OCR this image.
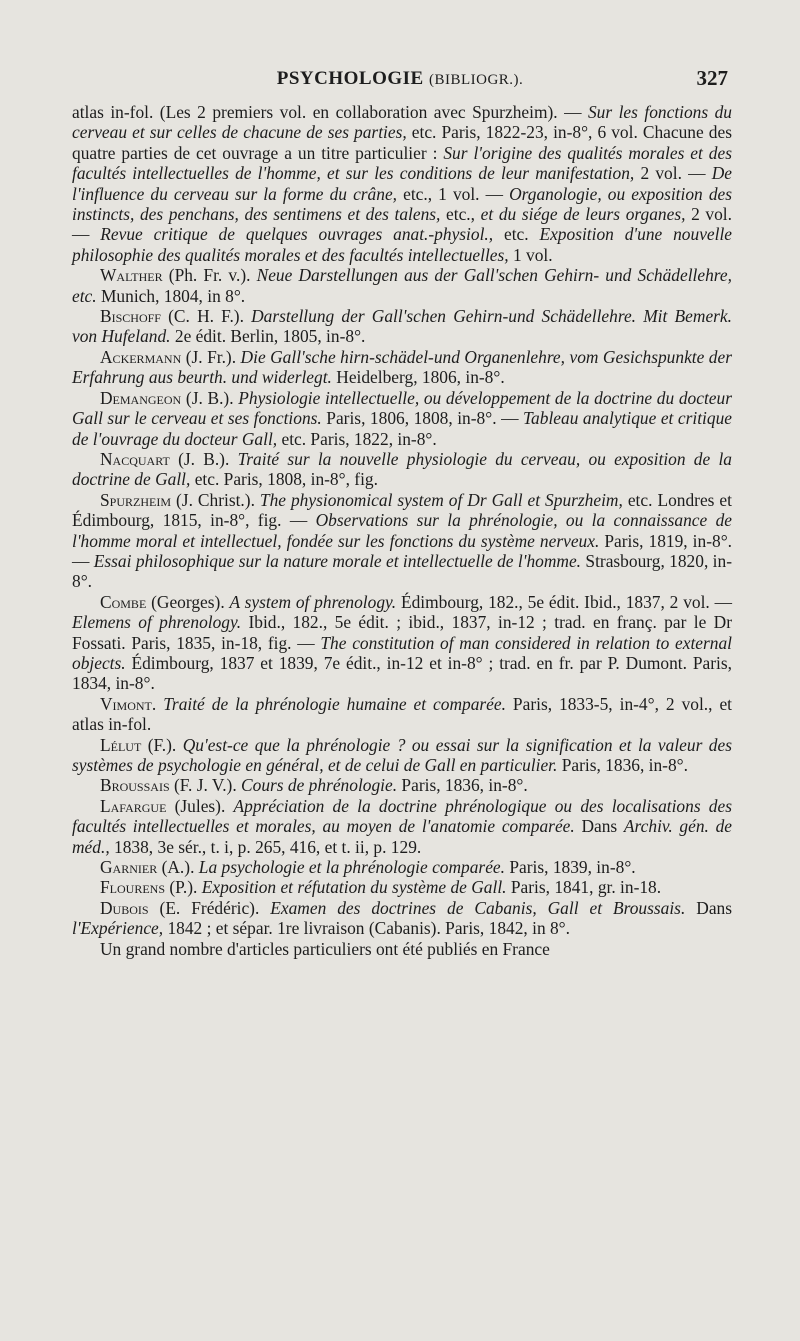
PSYCHOLOGIE (BIBLIOGR.).	327

atlas in-fol. (Les 2 premiers vol. en collaboration avec Spurzheim). — Sur les fonctions du cerveau et sur celles de chacune de ses parties, etc. Paris, 1822-23, in-8°, 6 vol. Chacune des quatre parties de cet ouvrage a un titre particulier : Sur l'origine des qualités morales et des facultés intellectuelles de l'homme, et sur les conditions de leur manifestation, 2 vol. — De l'influence du cerveau sur la forme du crâne, etc., 1 vol. — Organologie, ou exposition des instincts, des penchans, des sentimens et des talens, etc., et du siége de leurs organes, 2 vol. — Revue critique de quelques ouvrages anat.-physiol., etc. Exposition d'une nouvelle philosophie des qualités morales et des facultés intellectuelles, 1 vol.

Walther (Ph. Fr. v.). Neue Darstellungen aus der Gall'schen Gehirn- und Schädellehre, etc. Munich, 1804, in 8°.

Bischoff (C. H. F.). Darstellung der Gall'schen Gehirn-und Schädellehre. Mit Bemerk. von Hufeland. 2e édit. Berlin, 1805, in-8°.

Ackermann (J. Fr.). Die Gall'sche hirn-schädel-und Organenlehre, vom Gesichspunkte der Erfahrung aus beurth. und widerlegt. Heidelberg, 1806, in-8°.

Demangeon (J. B.). Physiologie intellectuelle, ou développement de la doctrine du docteur Gall sur le cerveau et ses fonctions. Paris, 1806, 1808, in-8°. — Tableau analytique et critique de l'ouvrage du docteur Gall, etc. Paris, 1822, in-8°.

Nacquart (J. B.). Traité sur la nouvelle physiologie du cerveau, ou exposition de la doctrine de Gall, etc. Paris, 1808, in-8°, fig.

Spurzheim (J. Christ.). The physionomical system of Dr Gall et Spurzheim, etc. Londres et Édimbourg, 1815, in-8°, fig. — Observations sur la phrénologie, ou la connaissance de l'homme moral et intellectuel, fondée sur les fonctions du système nerveux. Paris, 1819, in-8°. — Essai philosophique sur la nature morale et intellectuelle de l'homme. Strasbourg, 1820, in-8°.

Combe (Georges). A system of phrenology. Édimbourg, 182., 5e édit. Ibid., 1837, 2 vol. — Elemens of phrenology. Ibid., 182., 5e édit. ; ibid., 1837, in-12 ; trad. en franç. par le Dr Fossati. Paris, 1835, in-18, fig. — The constitution of man considered in relation to external objects. Édimbourg, 1837 et 1839, 7e édit., in-12 et in-8° ; trad. en fr. par P. Dumont. Paris, 1834, in-8°.

Vimont. Traité de la phrénologie humaine et comparée. Paris, 1833-5, in-4°, 2 vol., et atlas in-fol.

Lélut (F.). Qu'est-ce que la phrénologie ? ou essai sur la signification et la valeur des systèmes de psychologie en général, et de celui de Gall en particulier. Paris, 1836, in-8°.

Broussais (F. J. V.). Cours de phrénologie. Paris, 1836, in-8°.

Lafargue (Jules). Appréciation de la doctrine phrénologique ou des localisations des facultés intellectuelles et morales, au moyen de l'anatomie comparée. Dans Archiv. gén. de méd., 1838, 3e sér., t. i, p. 265, 416, et t. ii, p. 129.

Garnier (A.). La psychologie et la phrénologie comparée. Paris, 1839, in-8°.

Flourens (P.). Exposition et réfutation du système de Gall. Paris, 1841, gr. in-18.

Dubois (E. Frédéric). Examen des doctrines de Cabanis, Gall et Broussais. Dans l'Expérience, 1842 ; et sépar. 1re livraison (Cabanis). Paris, 1842, in 8°.

Un grand nombre d'articles particuliers ont été publiés en France
